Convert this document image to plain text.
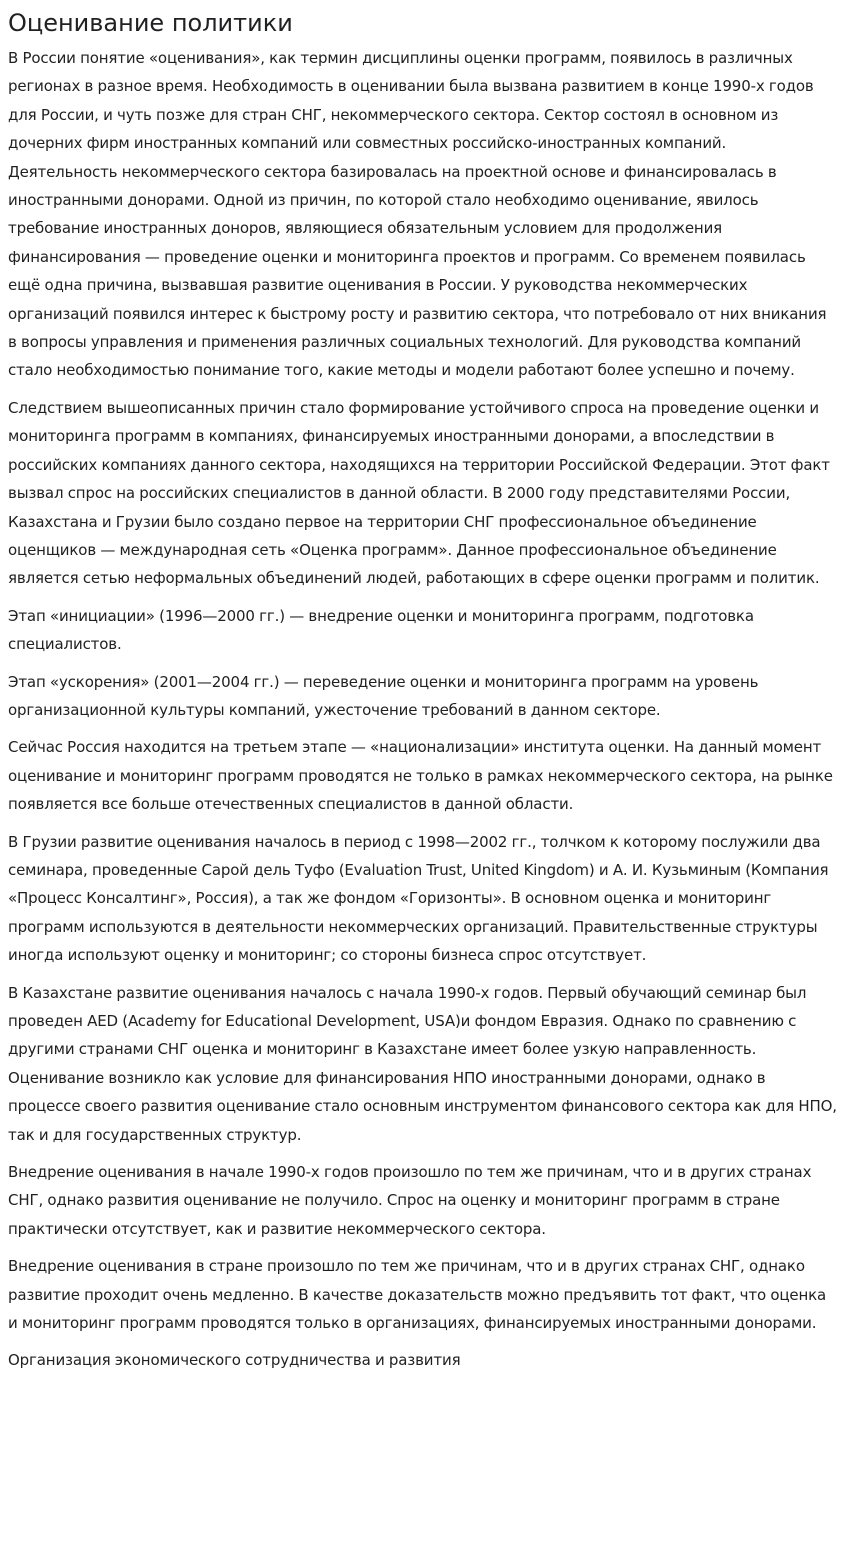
Оценивание политики

В России понятие «оценивания», как термин дисциплины оценки программ, появилось в различных регионах в разное время. Необходимость в оценивании была вызвана развитием в конце 1990-х годов для России, и чуть позже для стран СНГ, некоммерческого сектора. Сектор состоял в основном из дочерних фирм иностранных компаний или совместных российско-иностранных компаний. Деятельность некоммерческого сектора базировалась на проектной основе и финансировалась в иностранными донорами. Одной из причин, по которой стало необходимо оценивание, явилось требование иностранных доноров, являющиеся обязательным условием для продолжения финансирования — проведение оценки и мониторинга проектов и программ. Со временем появилась ещё одна причина, вызвавшая развитие оценивания в России. У руководства некоммерческих организаций появился интерес к быстрому росту и развитию сектора, что потребовало от них вникания в вопросы управления и применения различных социальных технологий. Для руководства компаний стало необходимостью понимание того, какие методы и модели работают более успешно и почему.

Следствием вышеописанных причин стало формирование устойчивого спроса на проведение оценки и мониторинга программ в компаниях, финансируемых иностранными донорами, а впоследствии в российских компаниях данного сектора, находящихся на территории Российской Федерации. Этот факт вызвал спрос на российских специалистов в данной области. В 2000 году представителями России, Казахстана и Грузии было создано первое на территории СНГ профессиональное объединение оценщиков — международная сеть «Оценка программ». Данное профессиональное объединение является сетью неформальных объединений людей, работающих в сфере оценки программ и политик.

Этап «инициации» (1996—2000 гг.) — внедрение оценки и мониторинга программ, подготовка специалистов.

Этап «ускорения» (2001—2004 гг.) — переведение оценки и мониторинга программ на уровень организационной культуры компаний, ужесточение требований в данном секторе.

Сейчас Россия находится на третьем этапе — «национализации» института оценки. На данный момент оценивание и мониторинг программ проводятся не только в рамках некоммерческого сектора, на рынке появляется все больше отечественных специалистов в данной области.

В Грузии развитие оценивания началось в период с 1998—2002 гг., толчком к которому послужили два семинара, проведенные Сарой дель Туфо (Evaluation Trust, United Kingdom) и А. И. Кузьминым (Компания «Процесс Консалтинг», Россия), а так же фондом «Горизонты». В основном оценка и мониторинг программ используются в деятельности некоммерческих организаций. Правительственные структуры иногда используют оценку и мониторинг; со стороны бизнеса спрос отсутствует.

В Казахстане развитие оценивания началось с начала 1990-х годов. Первый обучающий семинар был проведен AED (Academy for Educational Development, USA)и фондом Евразия. Однако по сравнению с другими странами СНГ оценка и мониторинг в Казахстане имеет более узкую направленность. Оценивание возникло как условие для финансирования НПО иностранными донорами, однако в процессе своего развития оценивание стало основным инструментом финансового сектора как для НПО, так и для государственных структур.

Внедрение оценивания в начале 1990-х годов произошло по тем же причинам, что и в других странах СНГ, однако развития оценивание не получило. Спрос на оценку и мониторинг программ в стране практически отсутствует, как и развитие некоммерческого сектора.

Внедрение оценивания в стране произошло по тем же причинам, что и в других странах СНГ, однако развитие проходит очень медленно. В качестве доказательств можно предъявить тот факт, что оценка и мониторинг программ проводятся только в организациях, финансируемых иностранными донорами.

Организация экономического сотрудничества и развития
